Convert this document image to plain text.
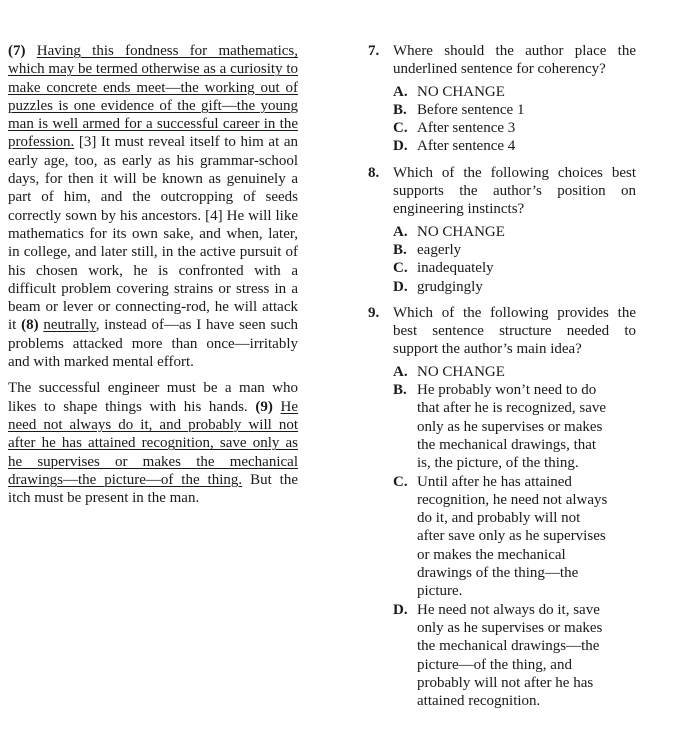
(7) Having this fondness for mathematics, which may be termed otherwise as a curiosity to make concrete ends meet—the working out of puzzles is one evidence of the gift—the young man is well armed for a successful career in the profession. [3] It must reveal itself to him at an early age, too, as early as his grammar-school days, for then it will be known as genuinely a part of him, and the outcropping of seeds correctly sown by his ancestors. [4] He will like mathematics for its own sake, and when, later, in college, and later still, in the active pursuit of his chosen work, he is confronted with a difficult problem covering strains or stress in a beam or lever or connecting-rod, he will attack it (8) neutrally, instead of—as I have seen such problems attacked more than once—irritably and with marked mental effort.

The successful engineer must be a man who likes to shape things with his hands. (9) He need not always do it, and probably will not after he has attained recognition, save only as he supervises or makes the mechanical drawings—the picture—of the thing. But the itch must be present in the man.

7. Where should the author place the underlined sentence for coherency?

A. NO CHANGE
B. Before sentence 1
C. After sentence 3
D. After sentence 4
8. Which of the following choices best supports the author’s position on engineering instincts?

A. NO CHANGE
B. eagerly
C. inadequately
D. grudgingly
9. Which of the following provides the best sentence structure needed to support the author’s main idea?

A. NO CHANGE
B. He probably won’t need to do that after he is recognized, save only as he supervises or makes the mechanical drawings, that is, the picture, of the thing.
C. Until after he has attained recognition, he need not always do it, and probably will not after save only as he supervises or makes the mechanical drawings of the thing—the picture.
D. He need not always do it, save only as he supervises or makes the mechanical drawings—the picture—of the thing, and probably will not after he has attained recognition.
